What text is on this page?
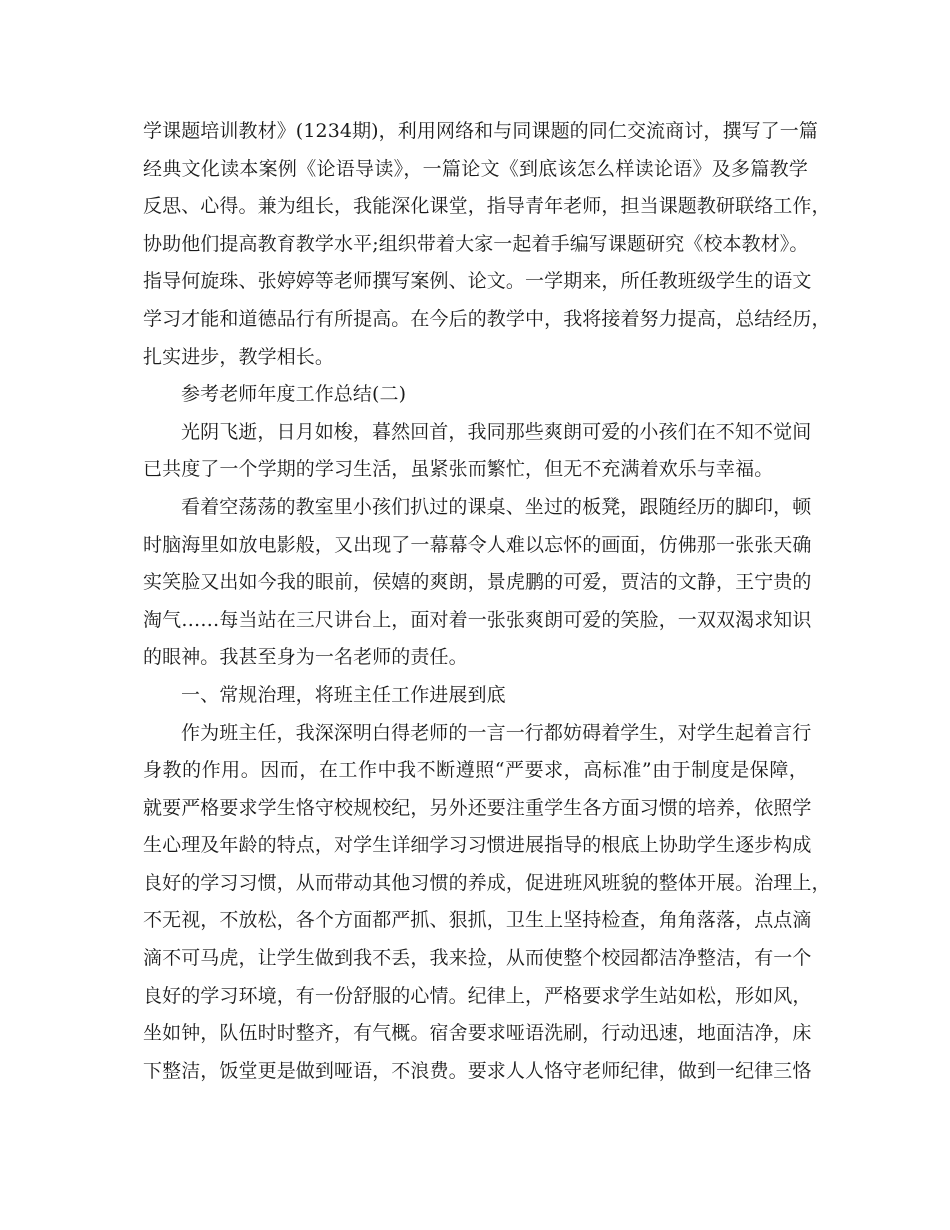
学课题培训教材》(1234期)，利用网络和与同课题的同仁交流商讨，撰写了一篇
经典文化读本案例《论语导读》，一篇论文《到底该怎么样读论语》及多篇教学
反思、心得。兼为组长，我能深化课堂，指导青年老师，担当课题教研联络工作，
协助他们提高教育教学水平;组织带着大家一起着手编写课题研究《校本教材》。
指导何旋珠、张婷婷等老师撰写案例、论文。一学期来，所任教班级学生的语文
学习才能和道德品行有所提高。在今后的教学中，我将接着努力提高，总结经历，
扎实进步，教学相长。
参考老师年度工作总结(二)
光阴飞逝，日月如梭，暮然回首，我同那些爽朗可爱的小孩们在不知不觉间
已共度了一个学期的学习生活，虽紧张而繁忙，但无不充满着欢乐与幸福。
看着空荡荡的教室里小孩们扒过的课桌、坐过的板凳，跟随经历的脚印，顿
时脑海里如放电影般，又出现了一幕幕令人难以忘怀的画面，仿佛那一张张天确
实笑脸又出如今我的眼前，侯嬉的爽朗，景虎鹏的可爱，贾洁的文静，王宁贵的
淘气……每当站在三尺讲台上，面对着一张张爽朗可爱的笑脸，一双双渴求知识
的眼神。我甚至身为一名老师的责任。
一、常规治理，将班主任工作进展到底
作为班主任，我深深明白得老师的一言一行都妨碍着学生，对学生起着言行
身教的作用。因而，在工作中我不断遵照“严要求，高标准”由于制度是保障，
就要严格要求学生恪守校规校纪，另外还要注重学生各方面习惯的培养，依照学
生心理及年龄的特点，对学生详细学习习惯进展指导的根底上协助学生逐步构成
良好的学习习惯，从而带动其他习惯的养成，促进班风班貌的整体开展。治理上，
不无视，不放松，各个方面都严抓、狠抓，卫生上坚持检查，角角落落，点点滴
滴不可马虎，让学生做到我不丢，我来捡，从而使整个校园都洁净整洁，有一个
良好的学习环境，有一份舒服的心情。纪律上，严格要求学生站如松，形如风，
坐如钟，队伍时时整齐，有气概。宿舍要求哑语洗刷，行动迅速，地面洁净，床
下整洁，饭堂更是做到哑语，不浪费。要求人人恪守老师纪律，做到一纪律三恪
